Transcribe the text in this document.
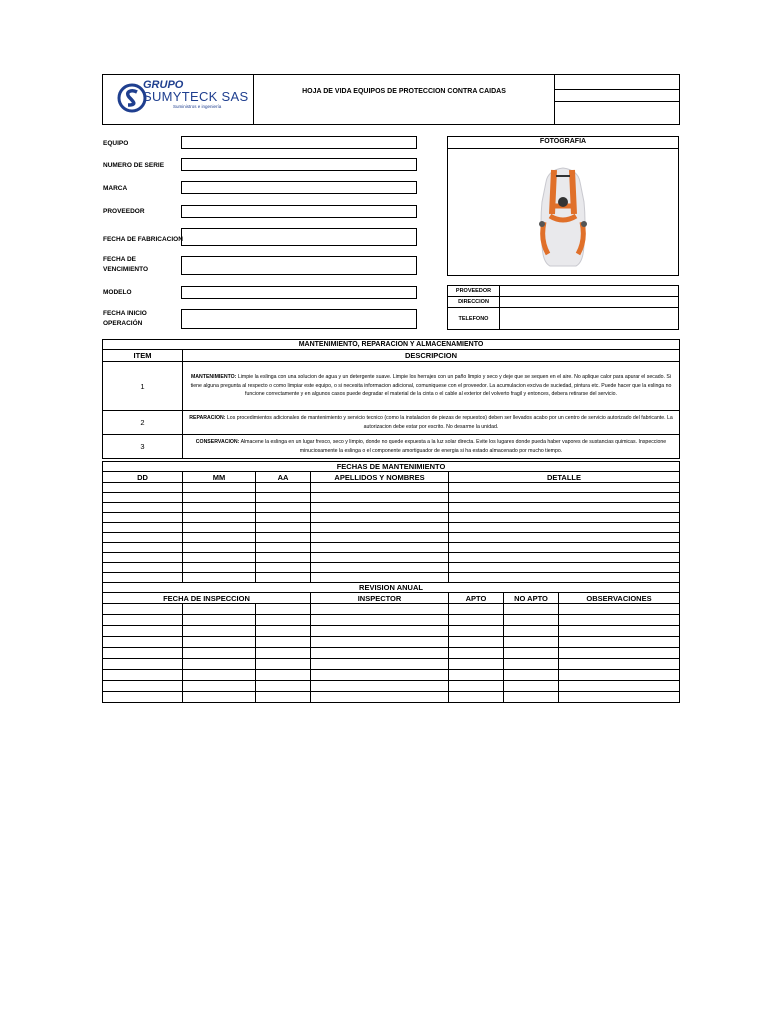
GRUPO
SUMYTECK SAS
Suministros e ingeniería
HOJA DE VIDA EQUIPOS DE PROTECCION CONTRA CAIDAS
EQUIPO
NUMERO DE SERIE
MARCA
PROVEEDOR
FECHA DE FABRICACION
FECHA DE
VENCIMIENTO
MODELO
FECHA INICIO
OPERACIÓN
FOTOGRAFIA
PROVEEDOR	
DIRECCION	
TELEFONO	
MANTENIMIENTO, REPARACION Y ALMACENAMIENTO	
ITEM	DESCRIPCION
1	MANTENIMIENTO: Limpie la eslinga con una solucion de agua y un detergente suave. Limpie los herrajes con un paño limpio y seco y deje que se sequen en el aire. No aplique calor para apurar el secado. Si tiene alguna pregunta al respecto o como limpiar este equipo, o si necesita informacion adicional, comuniquese con el proveedor. La acumulacion exciva de suciedad, pintura etc. Puede hacer que la eslinga no funcione correctamente y en algunos casos puede degradar el material de la cinta o el cable al exterior del volverto fragil y entonces, debera retirarse del servicio.

2	REPARACION: Los procedimientos adicionales de mantenimiento y servicio tecnico (como la instalacion de piezas de repuestos) deben ser llevados acabo por un centro de servicio autorizado del fabricante. La autorizacion debe estar por escrito. No desarme la unidad.

3	CONSERVACION: Almacene la eslinga en un lugar fresco, seco y limpio, donde no quede expuesta a la luz solar directa. Evite los lugares donde pueda haber vapores de sustancias quimicas. Inspeccione minuciosamente la eslinga o el componente amortiguador de energia si ha estado almacenado por mucho tiempo.
FECHAS DE MANTENIMIENTO				
DD	MM	AA	APELLIDOS Y NOMBRES	DETALLE

REVISION ANUAL						
FECHA DE INSPECCION			INSPECTOR	APTO	NO APTO	OBSERVACIONES
